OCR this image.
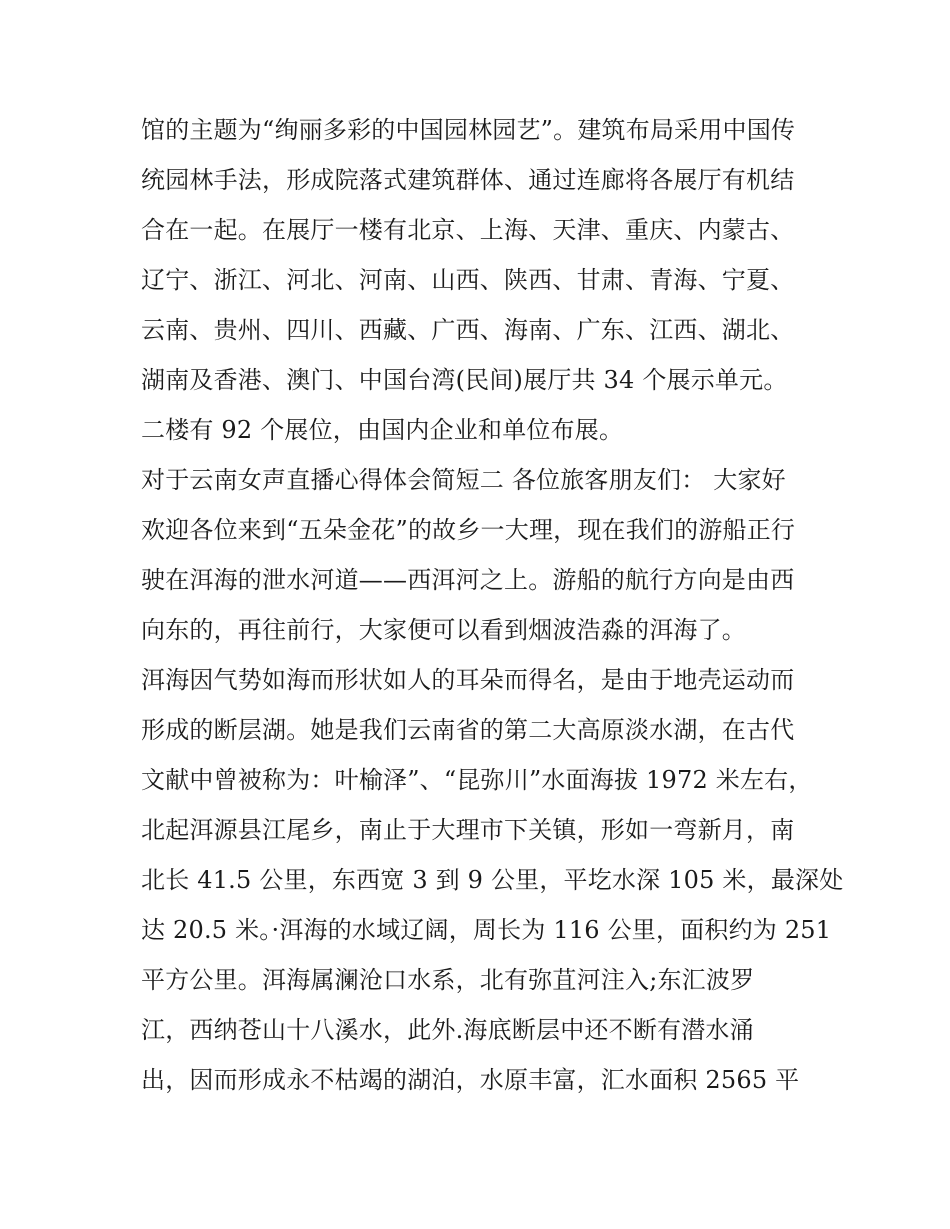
馆的主题为“绚丽多彩的中国园林园艺”。建筑布局采用中国传
统园林手法，形成院落式建筑群体、通过连廊将各展厅有机结
合在一起。在展厅一楼有北京、上海、天津、重庆、内蒙古、
辽宁、浙江、河北、河南、山西、陕西、甘肃、青海、宁夏、
云南、贵州、四川、西藏、广西、海南、广东、江西、湖北、
湖南及香港、澳门、中国台湾(民间)展厅共 34 个展示单元。
二楼有 92 个展位，由国内企业和单位布展。
对于云南女声直播心得体会简短二 各位旅客朋友们： 大家好
欢迎各位来到“五朵金花”的故乡一大理，现在我们的游船正行
驶在洱海的泄水河道——西洱河之上。游船的航行方向是由西
向东的，再往前行，大家便可以看到烟波浩淼的洱海了。
洱海因气势如海而形状如人的耳朵而得名，是由于地壳运动而
形成的断层湖。她是我们云南省的第二大高原淡水湖，在古代
文献中曾被称为：叶榆泽”、“昆弥川”水面海拔 1972 米左右，
北起洱源县江尾乡，南止于大理市下关镇，形如一弯新月，南
北长 41.5 公里，东西宽 3 到 9 公里，平圪水深 105 米，最深处
达 20.5 米。·洱海的水域辽阔，周长为 116 公里，面积约为 251
平方公里。洱海属澜沧口水系，北有弥苴河注入;东汇波罗
江，西纳苍山十八溪水，此外.海底断层中还不断有潜水涌
出，因而形成永不枯竭的湖泊，水原丰富，汇水面积 2565 平
